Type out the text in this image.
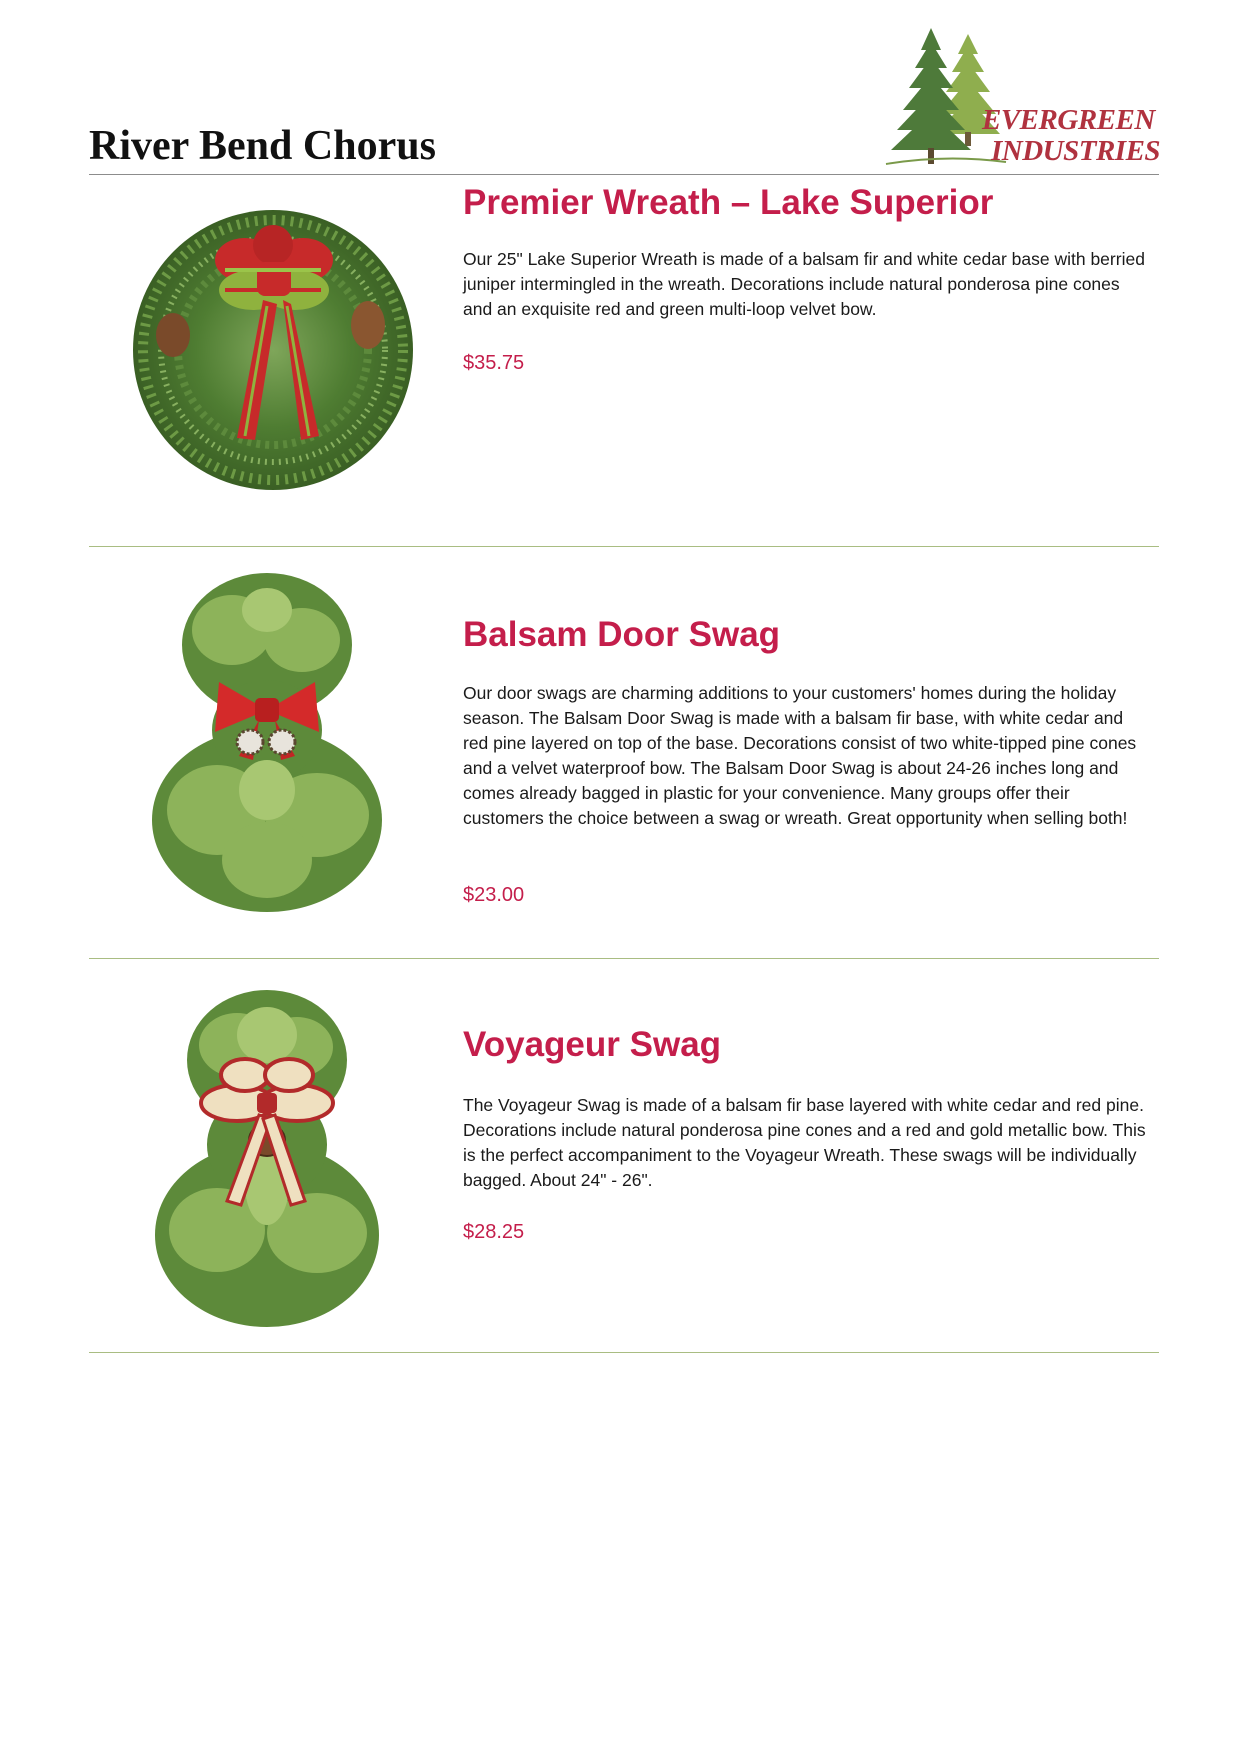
River Bend Chorus
EVERGREEN
INDUSTRIES
Premier Wreath – Lake Superior

Our 25" Lake Superior Wreath is made of a balsam fir and white cedar base with berried juniper intermingled in the wreath. Decorations include natural ponderosa pine cones and an exquisite red and green multi-loop velvet bow.

$35.75

Balsam Door Swag

Our door swags are charming additions to your customers' homes during the holiday season. The Balsam Door Swag is made with a balsam fir base, with white cedar and red pine layered on top of the base. Decorations consist of two white-tipped pine cones and a velvet waterproof bow. The Balsam Door Swag is about 24-26 inches long and comes already bagged in plastic for your convenience. Many groups offer their customers the choice between a swag or wreath. Great opportunity when selling both!

$23.00

Voyageur Swag

The Voyageur Swag is made of a balsam fir base layered with white cedar and red pine. Decorations include natural ponderosa pine cones and a red and gold metallic bow. This is the perfect accompaniment to the Voyageur Wreath. These swags will be individually bagged. About 24" - 26".

$28.25
